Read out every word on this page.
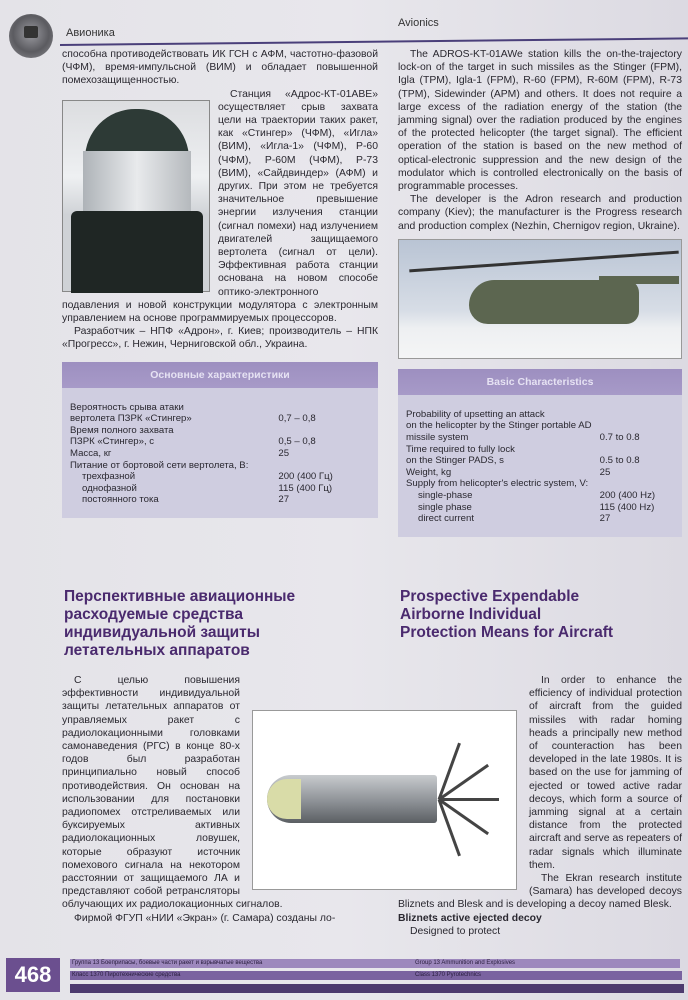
Авионика
Avionics

способна противодействовать ИК ГСН с АФМ, частотно-фазовой (ЧФМ), время-импульсной (ВИМ) и обладает повышенной помехозащищенностью.

Станция «Адрос-КТ-01АВЕ» осуществляет срыв захвата цели на траектории таких ракет, как «Стингер» (ЧФМ), «Игла» (ВИМ), «Игла-1» (ЧФМ), Р-60 (ЧФМ), Р-60М (ЧФМ), Р-73 (ВИМ), «Сайдвиндер» (АФМ) и других. При этом не требуется значительное превышение энергии излучения станции (сигнал помехи) над излучением двигателей защищаемого вертолета (сигнал от цели). Эффективная работа станции основана на новом способе оптико-электронного подавления и новой конструкции модулятора с электронным управлением на основе программируемых процессоров.

Разработчик – НПФ «Адрон», г. Киев; производитель – НПК «Прогресс», г. Нежин, Черниговской обл., Украина.

Основные характеристики
Вероятность срыва атаки	
вертолета ПЗРК «Стингер»	0,7 – 0,8
Время полного захвата	
ПЗРК «Стингер», с	0,5 – 0,8
Масса, кг	25
Питание от бортовой сети вертолета, В:	
трехфазной	200 (400 Гц)
однофазной	115 (400 Гц)
постоянного тока	27

The ADROS-KT-01AWe station kills the on-the-trajectory lock-on of the target in such missiles as the Stinger (FPM), Igla (TPM), Igla-1 (FPM), R-60 (FPM), R-60M (FPM), R-73 (TPM), Sidewinder (APM) and others. It does not require a large excess of the radiation energy of the station (the jamming signal) over the radiation produced by the engines of the protected helicopter (the target signal). The efficient operation of the station is based on the new method of optical-electronic suppression and the new design of the modulator which is controlled electronically on the basis of programmable processes.

The developer is the Adron research and production company (Kiev); the manufacturer is the Progress research and production complex (Nezhin, Chernigov region, Ukraine).

Basic Characteristics
Probability of upsetting an attack	
on the helicopter by the Stinger portable AD	
missile system	0.7 to 0.8
Time required to fully lock	
on the Stinger PADS, s	0.5 to 0.8
Weight, kg	25
Supply from helicopter's electric system, V:	
single-phase	200 (400 Hz)
single phase	115 (400 Hz)
direct current	27
Перспективные авиационные расходуемые средства индивидуальной защиты летательных аппаратов
Prospective Expendable Airborne Individual Protection Means for Aircraft

С целью повышения эффективности индивидуальной защиты летательных аппаратов от управляемых ракет с радиолокационными головками самонаведения (РГС) в конце 80-х годов был разработан принципиально новый способ противодействия. Он основан на использовании для постановки радиопомех отстреливаемых или буксируемых активных радиолокационных ловушек, которые образуют источник помехового сигнала на некотором расстоянии от защищаемого ЛА и представляют собой ретрансляторы облучающих их радиолокационных сигналов.

Фирмой ФГУП «НИИ «Экран» (г. Самара) созданы ло-

In order to enhance the efficiency of individual protection of aircraft from the guided missiles with radar homing heads a principally new method of counteraction has been developed in the late 1980s. It is based on the use for jamming of ejected or towed active radar decoys, which form a source of jamming signal at a certain distance from the protected aircraft and serve as repeaters of radar signals which illuminate them.

The Ekran research institute (Samara) has developed decoys Bliznets and Blesk and is developing a decoy named Blesk.

Bliznets active ejected decoy

Designed to protect

468	Группа 13 Боеприпасы, боевые части ракет и взрывчатые вещества	Group 13 Ammunition and Explosives
Класс 1370 Пиротехнические средства	Class 1370 Pyrotechnics
